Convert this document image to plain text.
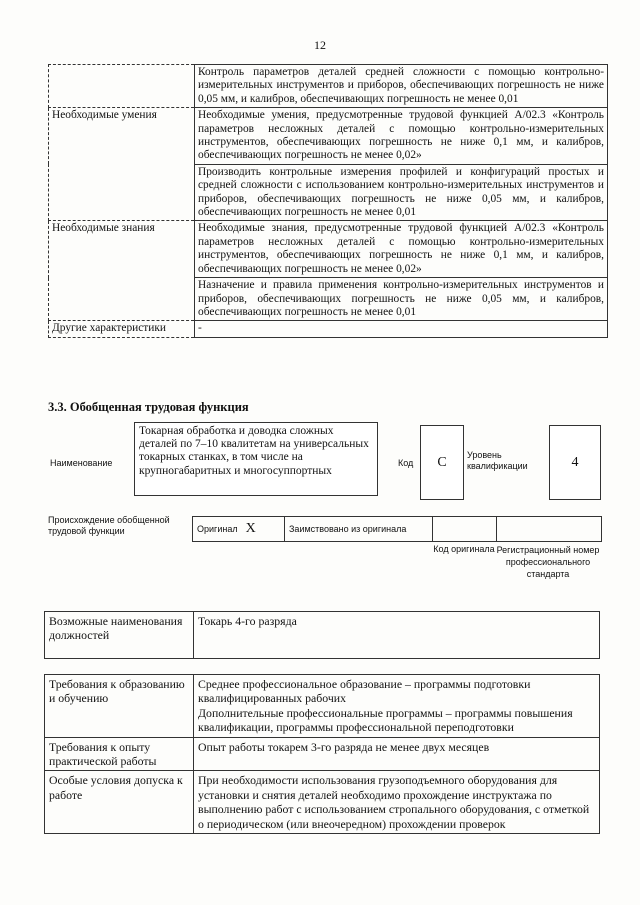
12
	Контроль параметров деталей средней сложности с помощью контрольно-измерительных инструментов и приборов, обеспечивающих погрешность не ниже 0,05 мм, и калибров, обеспечивающих погрешность не менее 0,01
Необходимые умения	Необходимые умения, предусмотренные трудовой функцией А/02.3 «Контроль параметров несложных деталей с помощью контрольно-измерительных инструментов, обеспечивающих погрешность не ниже 0,1 мм, и калибров, обеспечивающих погрешность не менее 0,02»
	Производить контрольные измерения профилей и конфигураций простых и средней сложности с использованием контрольно-измерительных инструментов и приборов, обеспечивающих погрешность не ниже 0,05 мм, и калибров, обеспечивающих погрешность не менее 0,01
Необходимые знания	Необходимые знания, предусмотренные трудовой функцией А/02.3 «Контроль параметров несложных деталей с помощью контрольно-измерительных инструментов, обеспечивающих погрешность не ниже 0,1 мм, и калибров, обеспечивающих погрешность не менее 0,02»
	Назначение и правила применения контрольно-измерительных инструментов и приборов, обеспечивающих погрешность не ниже 0,05 мм, и калибров, обеспечивающих погрешность не менее 0,01
Другие характеристики	-
3.3. Обобщенная трудовая функция
Наименование
Токарная обработка и доводка сложных деталей по 7–10 квалитетам на универсальных токарных станках, в том числе на крупногабаритных и многосуппортных
Код	C	Уровень квалификации	4
Происхождение обобщенной трудовой функции	Оригинал X	Заимствовано из оригинала
Код оригинала Регистрационный номер профессионального стандарта
Возможные наименования должностей	Токарь 4-го разряда
Требования к образованию и обучению	Среднее профессиональное образование – программы подготовки квалифицированных рабочих
Дополнительные профессиональные программы – программы повышения квалификации, программы профессиональной переподготовки

Требования к опыту практической работы	Опыт работы токарем 3-го разряда не менее двух месяцев
Особые условия допуска к работе	При необходимости использования грузоподъемного оборудования для установки и снятия деталей необходимо прохождение инструктажа по выполнению работ с использованием стропального оборудования, с отметкой о периодическом (или внеочередном) прохождении проверок
